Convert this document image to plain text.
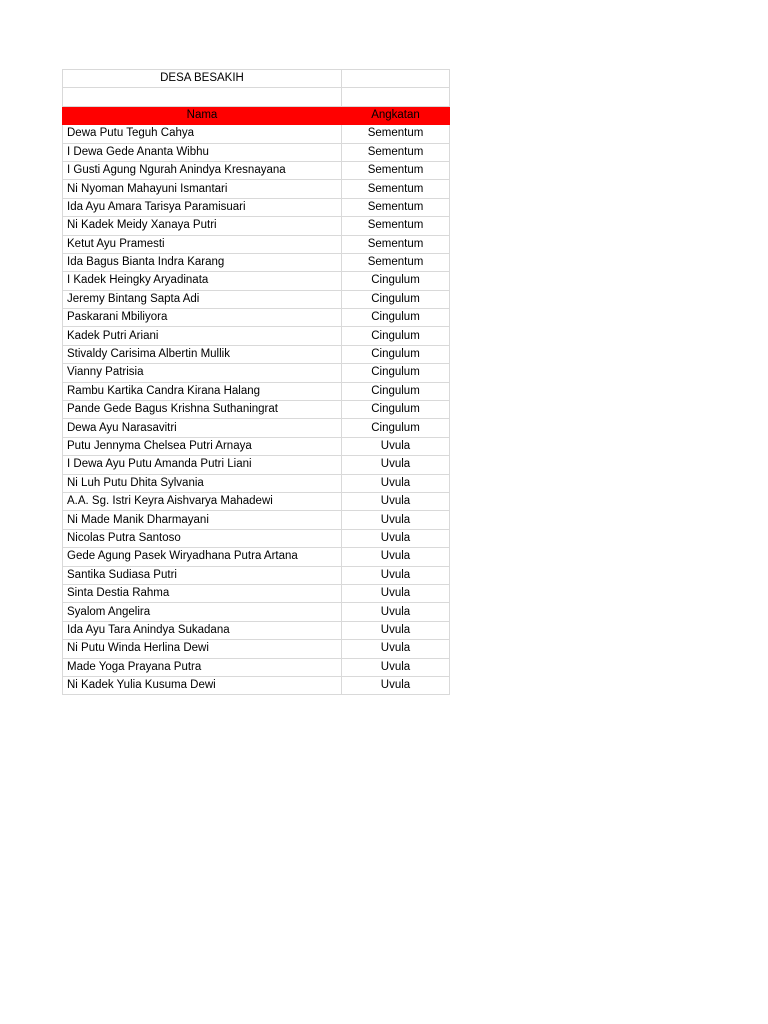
DESA BESAKIH	

Nama	Angkatan
Dewa Putu Teguh Cahya	Sementum
I Dewa Gede Ananta Wibhu	Sementum
I Gusti Agung Ngurah Anindya Kresnayana	Sementum
Ni Nyoman Mahayuni Ismantari	Sementum
Ida Ayu Amara Tarisya Paramisuari	Sementum
Ni Kadek Meidy Xanaya Putri	Sementum
Ketut Ayu Pramesti	Sementum
Ida Bagus Bianta Indra Karang	Sementum
I Kadek Heingky Aryadinata	Cingulum
Jeremy Bintang Sapta Adi	Cingulum
Paskarani Mbiliyora	Cingulum
Kadek Putri Ariani	Cingulum
Stivaldy Carisima Albertin Mullik	Cingulum
Vianny Patrisia	Cingulum
Rambu Kartika Candra Kirana Halang	Cingulum
Pande Gede Bagus Krishna Suthaningrat	Cingulum
Dewa Ayu Narasavitri	Cingulum
Putu Jennyma Chelsea Putri Arnaya	Uvula
I Dewa Ayu Putu Amanda Putri Liani	Uvula
Ni Luh Putu Dhita Sylvania	Uvula
A.A. Sg. Istri Keyra Aishvarya Mahadewi	Uvula
Ni Made Manik Dharmayani	Uvula
Nicolas Putra Santoso	Uvula
Gede Agung Pasek Wiryadhana Putra Artana	Uvula
Santika Sudiasa Putri	Uvula
Sinta Destia Rahma	Uvula
Syalom Angelira	Uvula
Ida Ayu Tara Anindya Sukadana	Uvula
Ni Putu Winda Herlina Dewi	Uvula
Made Yoga Prayana Putra	Uvula
Ni Kadek Yulia Kusuma Dewi	Uvula
